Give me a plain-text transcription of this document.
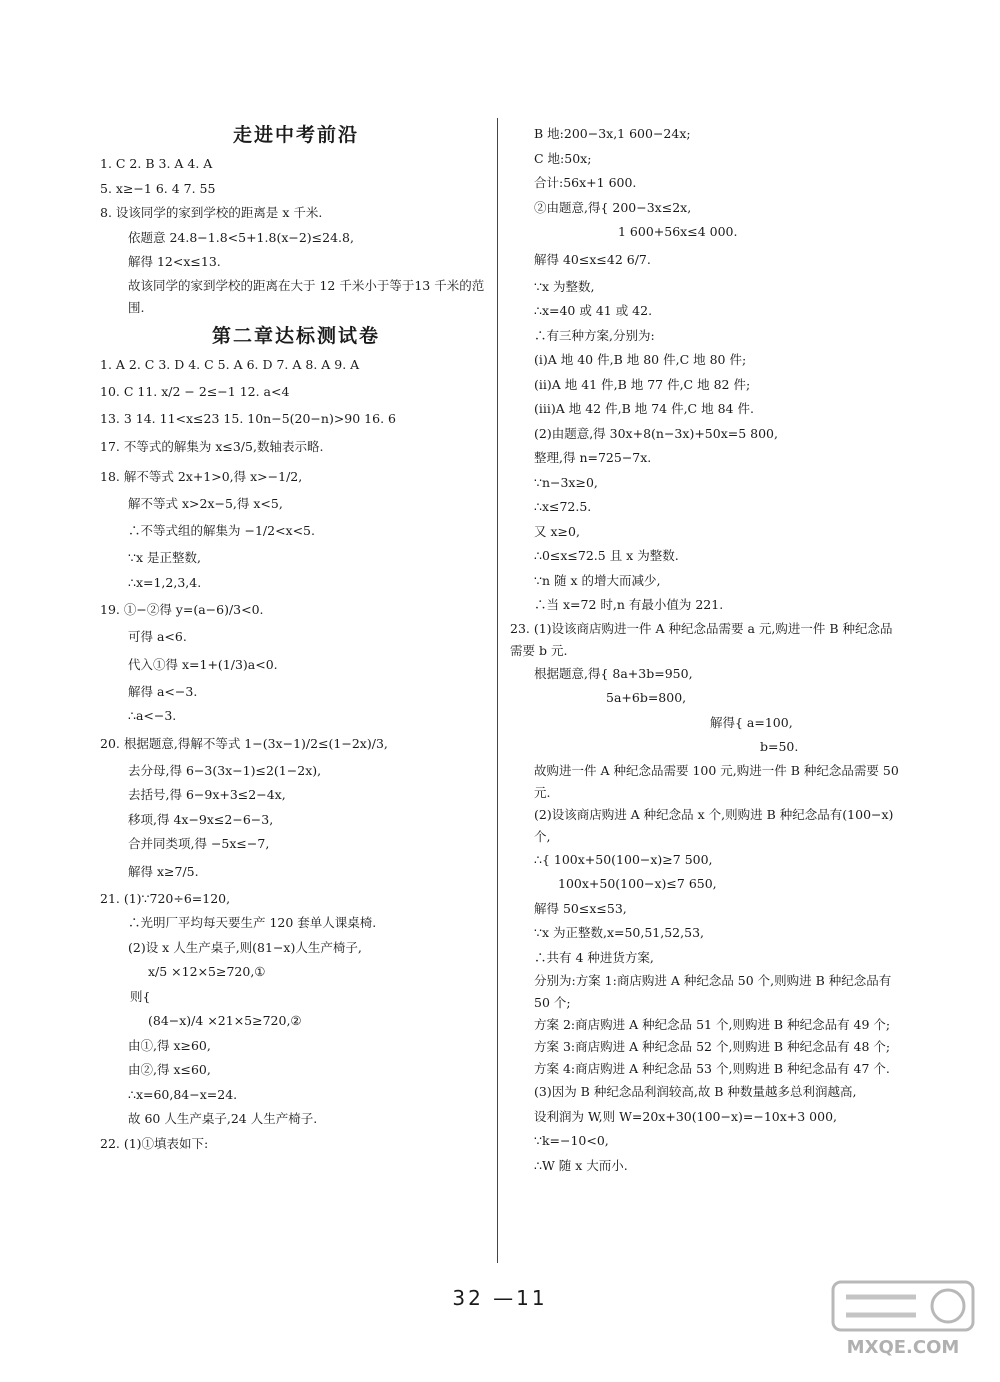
走进中考前沿
1. C 2. B 3. A 4. A
5. x≥−1 6. 4 7. 55
8. 设该同学的家到学校的距离是 x 千米.
依题意 24.8−1.8<5+1.8(x−2)≤24.8,
解得 12<x≤13.
故该同学的家到学校的距离在大于 12 千米小于等于13 千米的范围.
第二章达标测试卷
1. A 2. C 3. D 4. C 5. A 6. D 7. A 8. A 9. A
10. C 11. x/2 − 2≤−1 12. a<4
13. 3 14. 11<x≤23 15. 10n−5(20−n)>90 16. 6
17. 不等式的解集为 x≤3/5,数轴表示略.
18. 解不等式 2x+1>0,得 x>−1/2,
解不等式 x>2x−5,得 x<5,
∴不等式组的解集为 −1/2<x<5.
∵x 是正整数,
∴x=1,2,3,4.
19. ①−②得 y=(a−6)/3<0.
可得 a<6.
代入①得 x=1+(1/3)a<0.
解得 a<−3.
∴a<−3.
20. 根据题意,得解不等式 1−(3x−1)/2≤(1−2x)/3,
去分母,得 6−3(3x−1)≤2(1−2x),
去括号,得 6−9x+3≤2−4x,
移项,得 4x−9x≤2−6−3,
合并同类项,得 −5x≤−7,
解得 x≥7/5.
21. (1)∵720÷6=120,
∴光明厂平均每天要生产 120 套单人课桌椅.
(2)设 x 人生产桌子,则(81−x)人生产椅子,
x/5 ×12×5≥720,①
则{
(84−x)/4 ×21×5≥720,②
由①,得 x≥60,
由②,得 x≤60,
∴x=60,84−x=24.
故 60 人生产桌子,24 人生产椅子.
22. (1)①填表如下:
B 地:200−3x,1 600−24x;
C 地:50x;
合计:56x+1 600.
②由题意,得{ 200−3x≤2x,
1 600+56x≤4 000.
解得 40≤x≤42 6/7.
∵x 为整数,
∴x=40 或 41 或 42.
∴有三种方案,分别为:
(ⅰ)A 地 40 件,B 地 80 件,C 地 80 件;
(ⅱ)A 地 41 件,B 地 77 件,C 地 82 件;
(ⅲ)A 地 42 件,B 地 74 件,C 地 84 件.
(2)由题意,得 30x+8(n−3x)+50x=5 800,
整理,得 n=725−7x.
∵n−3x≥0,
∴x≤72.5.
又 x≥0,
∴0≤x≤72.5 且 x 为整数.
∵n 随 x 的增大而减少,
∴当 x=72 时,n 有最小值为 221.
23. (1)设该商店购进一件 A 种纪念品需要 a 元,购进一件 B 种纪念品需要 b 元.
根据题意,得{ 8a+3b=950,
5a+6b=800,
解得{ a=100,
b=50.
故购进一件 A 种纪念品需要 100 元,购进一件 B 种纪念品需要 50 元.
(2)设该商店购进 A 种纪念品 x 个,则购进 B 种纪念品有(100−x)个,
∴{ 100x+50(100−x)≥7 500,
100x+50(100−x)≤7 650,
解得 50≤x≤53,
∵x 为正整数,x=50,51,52,53,
∴共有 4 种进货方案,
分别为:方案 1:商店购进 A 种纪念品 50 个,则购进 B 种纪念品有 50 个;
方案 2:商店购进 A 种纪念品 51 个,则购进 B 种纪念品有 49 个;
方案 3:商店购进 A 种纪念品 52 个,则购进 B 种纪念品有 48 个;
方案 4:商店购进 A 种纪念品 53 个,则购进 B 种纪念品有 47 个.
(3)因为 B 种纪念品利润较高,故 B 种数量越多总利润越高,
设利润为 W,则 W=20x+30(100−x)=−10x+3 000,
∵k=−10<0,
∴W 随 x 大而小.
32 —11
MXQE.COM
